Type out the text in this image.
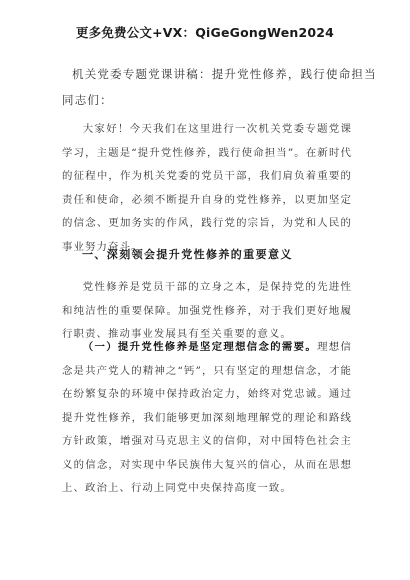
更多免费公文+VX：QiGeGongWen2024
机关党委专题党课讲稿：提升党性修养，践行使命担当
同志们：

大家好！今天我们在这里进行一次机关党委专题党课学习，主题是“提升党性修养，践行使命担当”。在新时代的征程中，作为机关党委的党员干部，我们肩负着重要的责任和使命，必须不断提升自身的党性修养，以更加坚定的信念、更加务实的作风，践行党的宗旨，为党和人民的事业努力奋斗。

一、深刻领会提升党性修养的重要意义

党性修养是党员干部的立身之本，是保持党的先进性和纯洁性的重要保障。加强党性修养，对于我们更好地履行职责、推动事业发展具有至关重要的意义。

（一）提升党性修养是坚定理想信念的需要。理想信念是共产党人的精神之“钙”，只有坚定的理想信念，才能在纷繁复杂的环境中保持政治定力，始终对党忠诚。通过提升党性修养，我们能够更加深刻地理解党的理论和路线方针政策，增强对马克思主义的信仰，对中国特色社会主义的信念，对实现中华民族伟大复兴的信心，从而在思想上、政治上、行动上同党中央保持高度一致。
